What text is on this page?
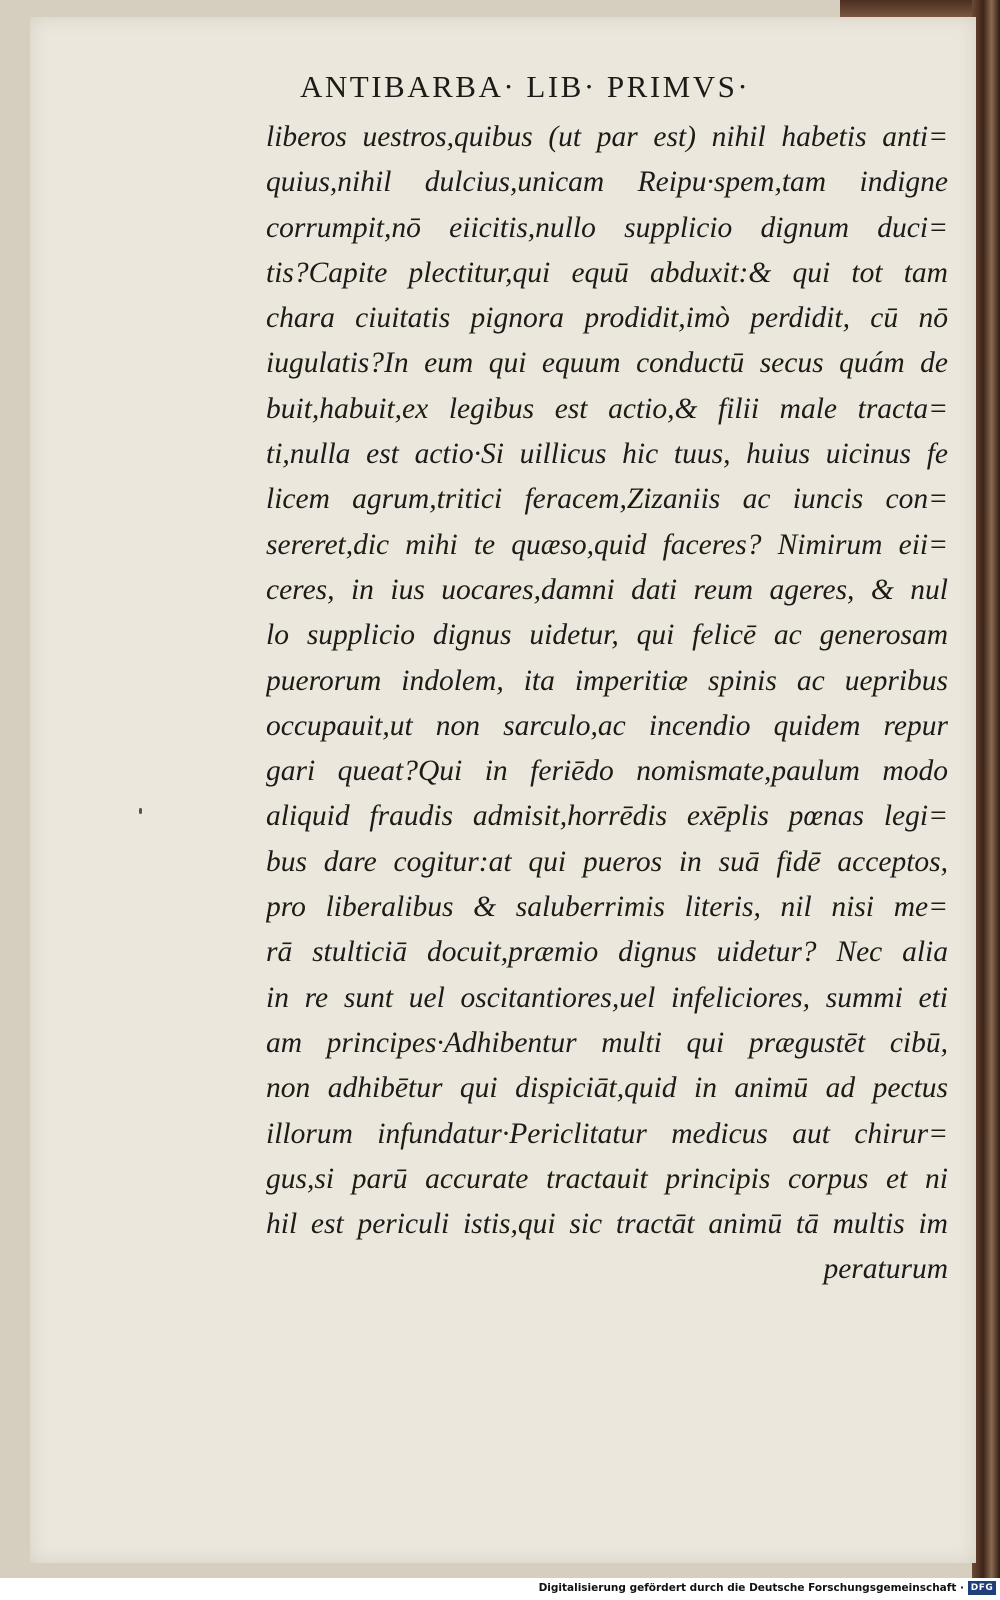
ANTIBARBA· LIB· PRIMVS·
liberos uestros,quibus (ut par est) nihil habetis anti=
quius,nihil dulcius,unicam Reipu·spem,tam indigne
corrumpit,nō eiicitis,nullo supplicio dignum duci=
tis?Capite plectitur,qui equū abduxit:& qui tot tam
chara ciuitatis pignora prodidit,imò perdidit, cū nō
iugulatis?In eum qui equum conductū secus quám de
buit,habuit,ex legibus est actio,& filii male tracta=
ti,nulla est actio·Si uillicus hic tuus, huius uicinus fe
licem agrum,tritici feracem,Zizaniis ac iuncis con=
sereret,dic mihi te quæso,quid faceres? Nimirum eii=
ceres, in ius uocares,damni dati reum ageres, & nul
lo supplicio dignus uidetur, qui felicē ac generosam
puerorum indolem, ita imperitiæ spinis ac uepribus
occupauit,ut non sarculo,ac incendio quidem repur
gari queat?Qui in feriēdo nomismate,paulum modo
aliquid fraudis admisit,horrēdis exēplis pœnas legi=
bus dare cogitur:at qui pueros in suā fidē acceptos,
pro liberalibus & saluberrimis literis, nil nisi me=
rā stulticiā docuit,præmio dignus uidetur? Nec alia
in re sunt uel oscitantiores,uel infeliciores, summi eti
am principes·Adhibentur multi qui prægustēt cibū,
non adhibētur qui dispiciāt,quid in animū ad pectus
illorum infundatur·Periclitatur medicus aut chirur=
gus,si parū accurate tractauit principis corpus et ni
hil est periculi istis,qui sic tractāt animū tā multis im
peraturum
Digitalisierung gefördert durch die Deutsche Forschungsgemeinschaft · DFG
